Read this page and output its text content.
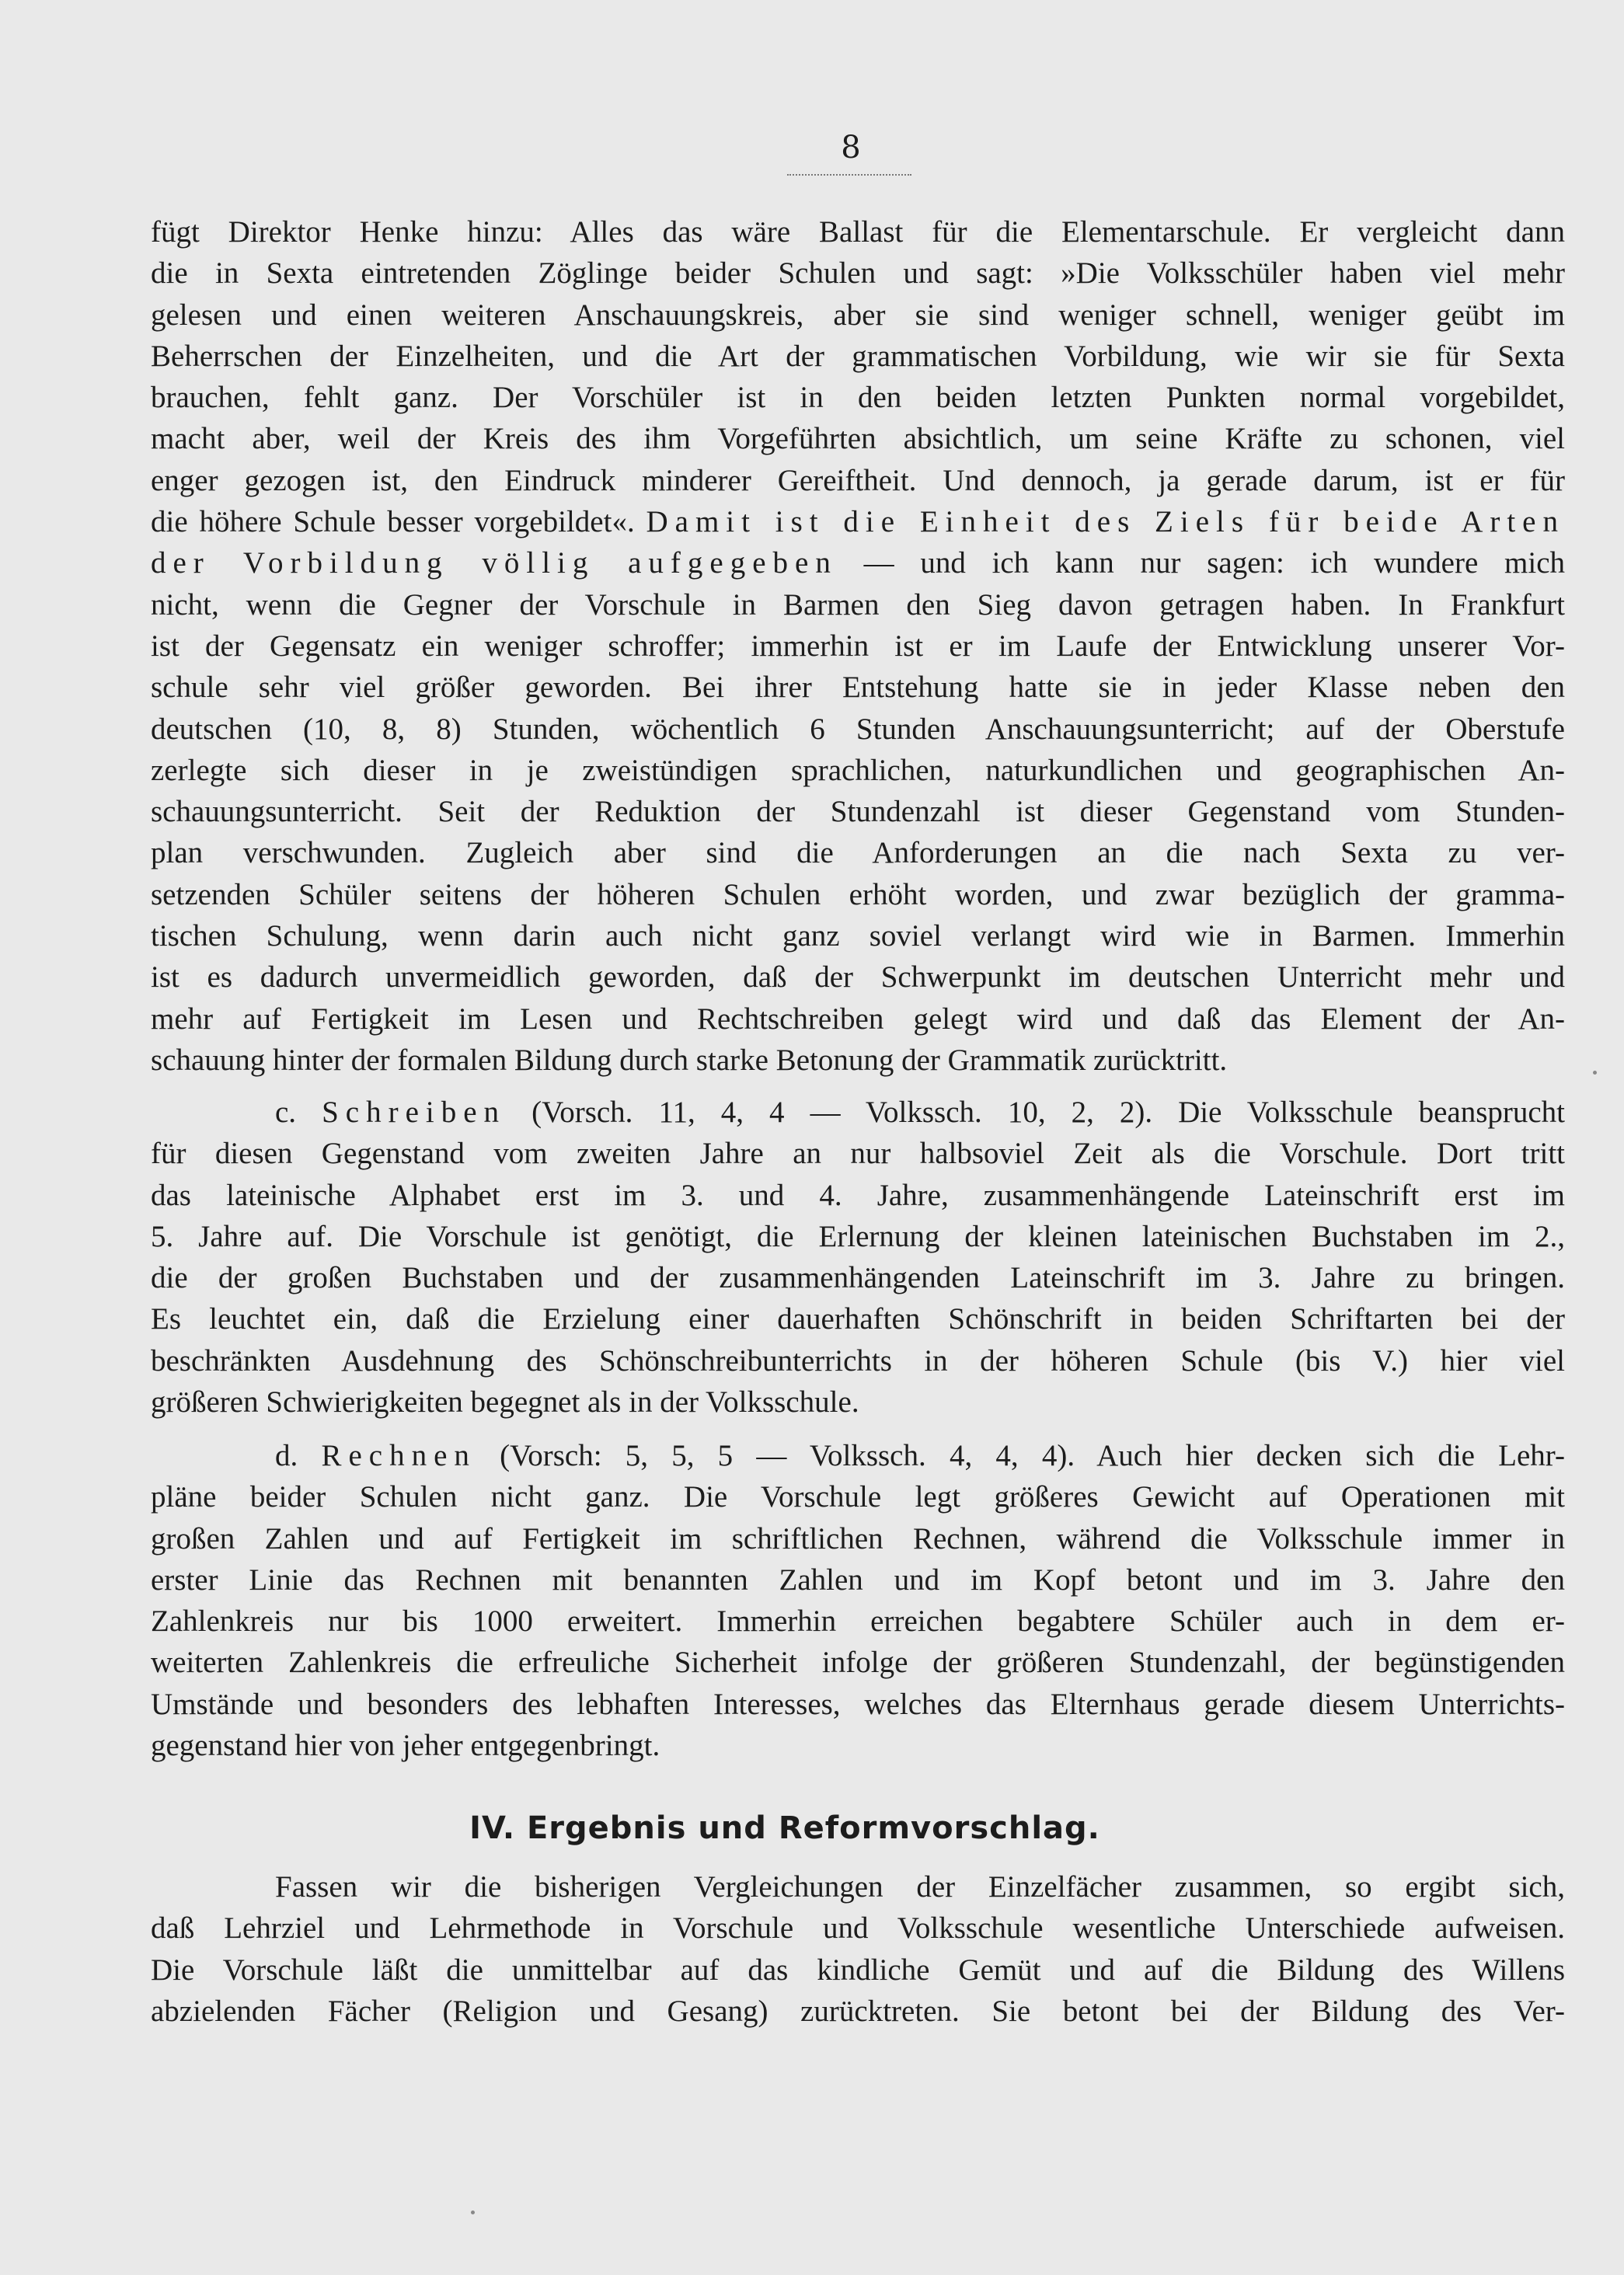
8
fügt Direktor Henke hinzu: Alles das wäre Ballast für die Elementarschule. Er vergleicht dann
die in Sexta eintretenden Zöglinge beider Schulen und sagt: »Die Volksschüler haben viel mehr
gelesen und einen weiteren Anschauungskreis, aber sie sind weniger schnell, weniger geübt im
Beherrschen der Einzelheiten, und die Art der grammatischen Vorbildung, wie wir sie für Sexta
brauchen, fehlt ganz. Der Vorschüler ist in den beiden letzten Punkten normal vorgebildet,
macht aber, weil der Kreis des ihm Vorgeführten absichtlich, um seine Kräfte zu schonen, viel
enger gezogen ist, den Eindruck minderer Gereiftheit. Und dennoch, ja gerade darum, ist er für
die höhere Schule besser vorgebildet«. Damit ist die Einheit des Ziels für beide Arten
der Vorbildung völlig aufgegeben — und ich kann nur sagen: ich wundere mich
nicht, wenn die Gegner der Vorschule in Barmen den Sieg davon getragen haben. In Frankfurt
ist der Gegensatz ein weniger schroffer; immerhin ist er im Laufe der Entwicklung unserer Vor-
schule sehr viel größer geworden. Bei ihrer Entstehung hatte sie in jeder Klasse neben den
deutschen (10, 8, 8) Stunden, wöchentlich 6 Stunden Anschauungsunterricht; auf der Oberstufe
zerlegte sich dieser in je zweistündigen sprachlichen, naturkundlichen und geographischen An-
schauungsunterricht. Seit der Reduktion der Stundenzahl ist dieser Gegenstand vom Stunden-
plan verschwunden. Zugleich aber sind die Anforderungen an die nach Sexta zu ver-
setzenden Schüler seitens der höheren Schulen erhöht worden, und zwar bezüglich der gramma-
tischen Schulung, wenn darin auch nicht ganz soviel verlangt wird wie in Barmen. Immerhin
ist es dadurch unvermeidlich geworden, daß der Schwerpunkt im deutschen Unterricht mehr und
mehr auf Fertigkeit im Lesen und Rechtschreiben gelegt wird und daß das Element der An-
schauung hinter der formalen Bildung durch starke Betonung der Grammatik zurücktritt.
c. Schreiben (Vorsch. 11, 4, 4 — Volkssch. 10, 2, 2). Die Volksschule beansprucht
für diesen Gegenstand vom zweiten Jahre an nur halbsoviel Zeit als die Vorschule. Dort tritt
das lateinische Alphabet erst im 3. und 4. Jahre, zusammenhängende Lateinschrift erst im
5. Jahre auf. Die Vorschule ist genötigt, die Erlernung der kleinen lateinischen Buchstaben im 2.,
die der großen Buchstaben und der zusammenhängenden Lateinschrift im 3. Jahre zu bringen.
Es leuchtet ein, daß die Erzielung einer dauerhaften Schönschrift in beiden Schriftarten bei der
beschränkten Ausdehnung des Schönschreibunterrichts in der höheren Schule (bis V.) hier viel
größeren Schwierigkeiten begegnet als in der Volksschule.
d. Rechnen (Vorsch: 5, 5, 5 — Volkssch. 4, 4, 4). Auch hier decken sich die Lehr-
pläne beider Schulen nicht ganz. Die Vorschule legt größeres Gewicht auf Operationen mit
großen Zahlen und auf Fertigkeit im schriftlichen Rechnen, während die Volksschule immer in
erster Linie das Rechnen mit benannten Zahlen und im Kopf betont und im 3. Jahre den
Zahlenkreis nur bis 1000 erweitert. Immerhin erreichen begabtere Schüler auch in dem er-
weiterten Zahlenkreis die erfreuliche Sicherheit infolge der größeren Stundenzahl, der begünstigenden
Umstände und besonders des lebhaften Interesses, welches das Elternhaus gerade diesem Unterrichts-
gegenstand hier von jeher entgegenbringt.
IV. Ergebnis und Reformvorschlag.
Fassen wir die bisherigen Vergleichungen der Einzelfächer zusammen, so ergibt sich,
daß Lehrziel und Lehrmethode in Vorschule und Volksschule wesentliche Unterschiede aufweisen.
Die Vorschule läßt die unmittelbar auf das kindliche Gemüt und auf die Bildung des Willens
abzielenden Fächer (Religion und Gesang) zurücktreten. Sie betont bei der Bildung des Ver-
